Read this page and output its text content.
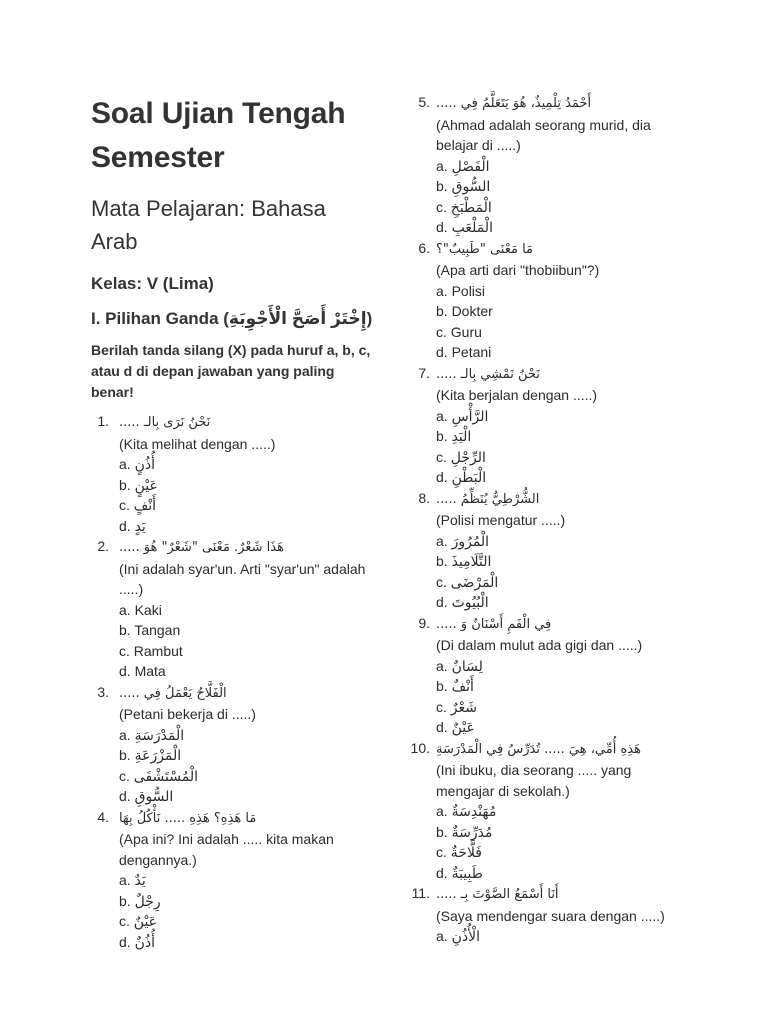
Soal Ujian Tengah Semester
Mata Pelajaran: Bahasa Arab
Kelas: V (Lima)
I. Pilihan Ganda (إِخْتَرْ أَصَحَّ الْأَجْوِبَةِ)
Berilah tanda silang (X) pada huruf a, b, c, atau d di depan jawaban yang paling benar!
1. نَحْنُ نَرَى بِالـ .....
(Kita melihat dengan .....)
a. أُذُنٍ
b. عَيْنٍ
c. أَنْفٍ
d. يَدٍ
2. هَذَا شَعْرٌ. مَعْنَى "شَعْرٌ" هُوَ .....
(Ini adalah syar'un. Arti "syar'un" adalah .....)
a. Kaki
b. Tangan
c. Rambut
d. Mata
3. الْفَلَّاحُ يَعْمَلُ فِي .....
(Petani bekerja di .....)
a. الْمَدْرَسَةِ
b. الْمَزْرَعَةِ
c. الْمُسْتَشْفَى
d. السُّوقِ
4. مَا هَذِهِ؟ هَذِهِ ..... نَأْكُلُ بِهَا
(Apa ini? Ini adalah ..... kita makan dengannya.)
a. يَدٌ
b. رِجْلٌ
c. عَيْنٌ
d. أُذُنٌ
5. أَحْمَدُ تِلْمِيذٌ، هُوَ يَتَعَلَّمُ فِي .....
(Ahmad adalah seorang murid, dia belajar di .....)
a. الْفَصْلِ
b. السُّوقِ
c. الْمَطْبَخِ
d. الْمَلْعَبِ
6. مَا مَعْنَى "طَبِيبٌ"؟
(Apa arti dari "thobiibun"?)
a. Polisi
b. Dokter
c. Guru
d. Petani
7. نَحْنُ نَمْشِي بِالـ .....
(Kita berjalan dengan .....)
a. الرَّأْسِ
b. الْيَدِ
c. الرِّجْلِ
d. الْبَطْنِ
8. الشُّرْطِيُّ يُنَظِّمُ .....
(Polisi mengatur .....)
a. الْمُرُورَ
b. التَّلَامِيذَ
c. الْمَرْضَى
d. الْبُيُوتَ
9. فِي الْفَمِ أَسْنَانٌ وَ .....
(Di dalam mulut ada gigi dan .....)
a. لِسَانٌ
b. أَنْفٌ
c. شَعْرٌ
d. عَيْنٌ
10. هَذِهِ أُمِّي، هِيَ ..... تُدَرِّسُ فِي الْمَدْرَسَةِ
(Ini ibuku, dia seorang ..... yang mengajar di sekolah.)
a. مُهَنْدِسَةٌ
b. مُدَرِّسَةٌ
c. فَلَّاحَةٌ
d. طَبِيبَةٌ
11. أَنَا أَسْمَعُ الصَّوْتَ بِـ .....
(Saya mendengar suara dengan .....)
a. الْأُذُنِ
